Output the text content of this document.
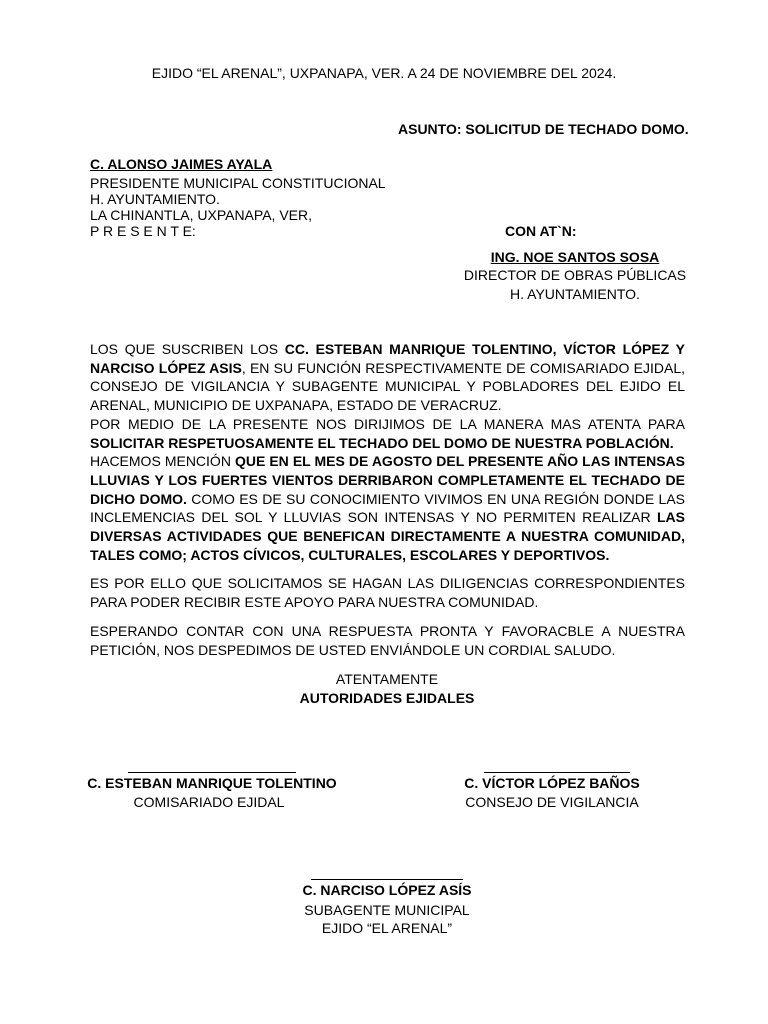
EJIDO “EL ARENAL”, UXPANAPA, VER. A 24 DE NOVIEMBRE DEL 2024.
ASUNTO: SOLICITUD DE TECHADO DOMO.
C. ALONSO JAIMES AYALA
PRESIDENTE MUNICIPAL CONSTITUCIONAL
H. AYUNTAMIENTO.
LA CHINANTLA, UXPANAPA, VER,
P R E S E N T E:	CON AT`N:
ING. NOE SANTOS SOSA
DIRECTOR DE OBRAS PÚBLICAS
H. AYUNTAMIENTO.

LOS QUE SUSCRIBEN LOS CC. ESTEBAN MANRIQUE TOLENTINO, VÍCTOR LÓPEZ Y NARCISO LÓPEZ ASIS, EN SU FUNCIÓN RESPECTIVAMENTE DE COMISARIADO EJIDAL, CONSEJO DE VIGILANCIA Y SUBAGENTE MUNICIPAL Y POBLADORES DEL EJIDO EL ARENAL, MUNICIPIO DE UXPANAPA, ESTADO DE VERACRUZ.
POR MEDIO DE LA PRESENTE NOS DIRIJIMOS DE LA MANERA MAS ATENTA PARA SOLICITAR RESPETUOSAMENTE EL TECHADO DEL DOMO DE NUESTRA POBLACIÓN.
HACEMOS MENCIÓN QUE EN EL MES DE AGOSTO DEL PRESENTE AÑO LAS INTENSAS LLUVIAS Y LOS FUERTES VIENTOS DERRIBARON COMPLETAMENTE EL TECHADO DE DICHO DOMO. COMO ES DE SU CONOCIMIENTO VIVIMOS EN UNA REGIÓN DONDE LAS INCLEMENCIAS DEL SOL Y LLUVIAS SON INTENSAS Y NO PERMITEN REALIZAR LAS DIVERSAS ACTIVIDADES QUE BENEFICAN DIRECTAMENTE A NUESTRA COMUNIDAD, TALES COMO; ACTOS CÍVICOS, CULTURALES, ESCOLARES Y DEPORTIVOS.

ES POR ELLO QUE SOLICITAMOS SE HAGAN LAS DILIGENCIAS CORRESPONDIENTES PARA PODER RECIBIR ESTE APOYO PARA NUESTRA COMUNIDAD.

ESPERANDO CONTAR CON UNA RESPUESTA PRONTA Y FAVORACBLE A NUESTRA PETICIÓN, NOS DESPEDIMOS DE USTED ENVIÁNDOLE UN CORDIAL SALUDO.

ATENTAMENTE
AUTORIDADES EJIDALES
C. ESTEBAN MANRIQUE TOLENTINO
COMISARIADO EJIDAL
C. VÍCTOR LÓPEZ BAÑOS
CONSEJO DE VIGILANCIA
C. NARCISO LÓPEZ ASÍS
SUBAGENTE MUNICIPAL
EJIDO “EL ARENAL”
